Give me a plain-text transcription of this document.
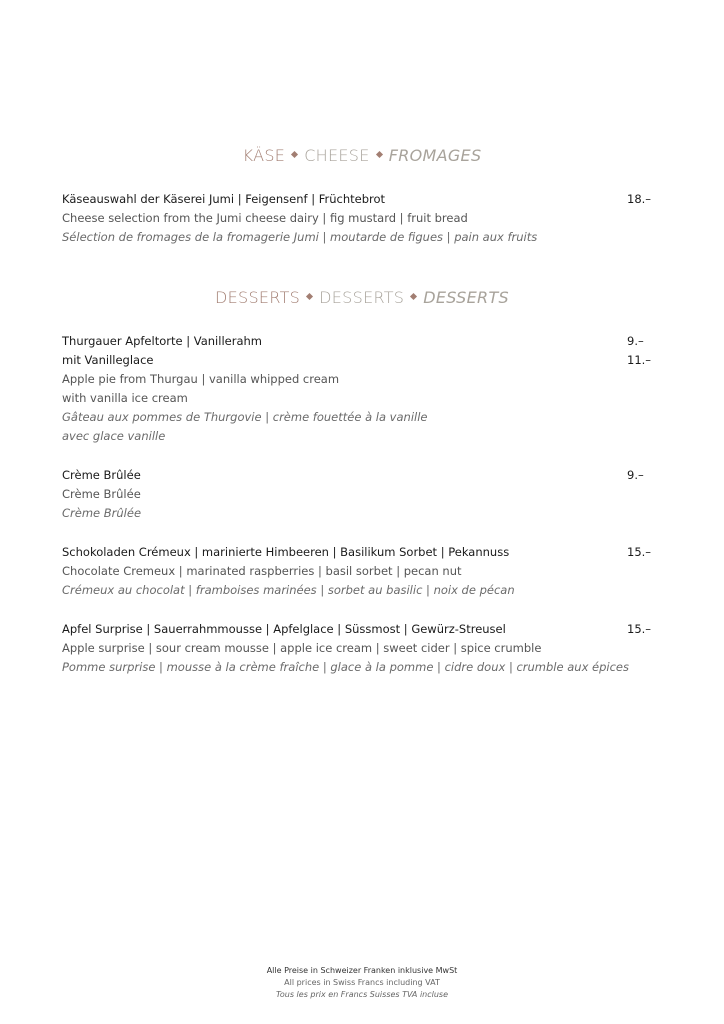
KÄSE CHEESE FROMAGES
Käseauswahl der Käserei Jumi | Feigensenf | Früchtebrot	18.–
Cheese selection from the Jumi cheese dairy | fig mustard | fruit bread
Sélection de fromages de la fromagerie Jumi | moutarde de figues | pain aux fruits
DESSERTS DESSERTS DESSERTS
Thurgauer Apfeltorte | Vanillerahm	9.–
mit Vanilleglace	11.–
Apple pie from Thurgau | vanilla whipped cream
with vanilla ice cream
Gâteau aux pommes de Thurgovie | crème fouettée à la vanille
avec glace vanille
Crème Brûlée	9.–
Crème Brûlée
Crème Brûlée
Schokoladen Crémeux | marinierte Himbeeren | Basilikum Sorbet | Pekannuss	15.–
Chocolate Cremeux | marinated raspberries | basil sorbet | pecan nut
Crémeux au chocolat | framboises marinées | sorbet au basilic | noix de pécan
Apfel Surprise | Sauerrahmmousse | Apfelglace | Süssmost | Gewürz-Streusel	15.–
Apple surprise | sour cream mousse | apple ice cream | sweet cider | spice crumble
Pomme surprise | mousse à la crème fraîche | glace à la pomme | cidre doux | crumble aux épices
Alle Preise in Schweizer Franken inklusive MwSt
All prices in Swiss Francs including VAT
Tous les prix en Francs Suisses TVA incluse
